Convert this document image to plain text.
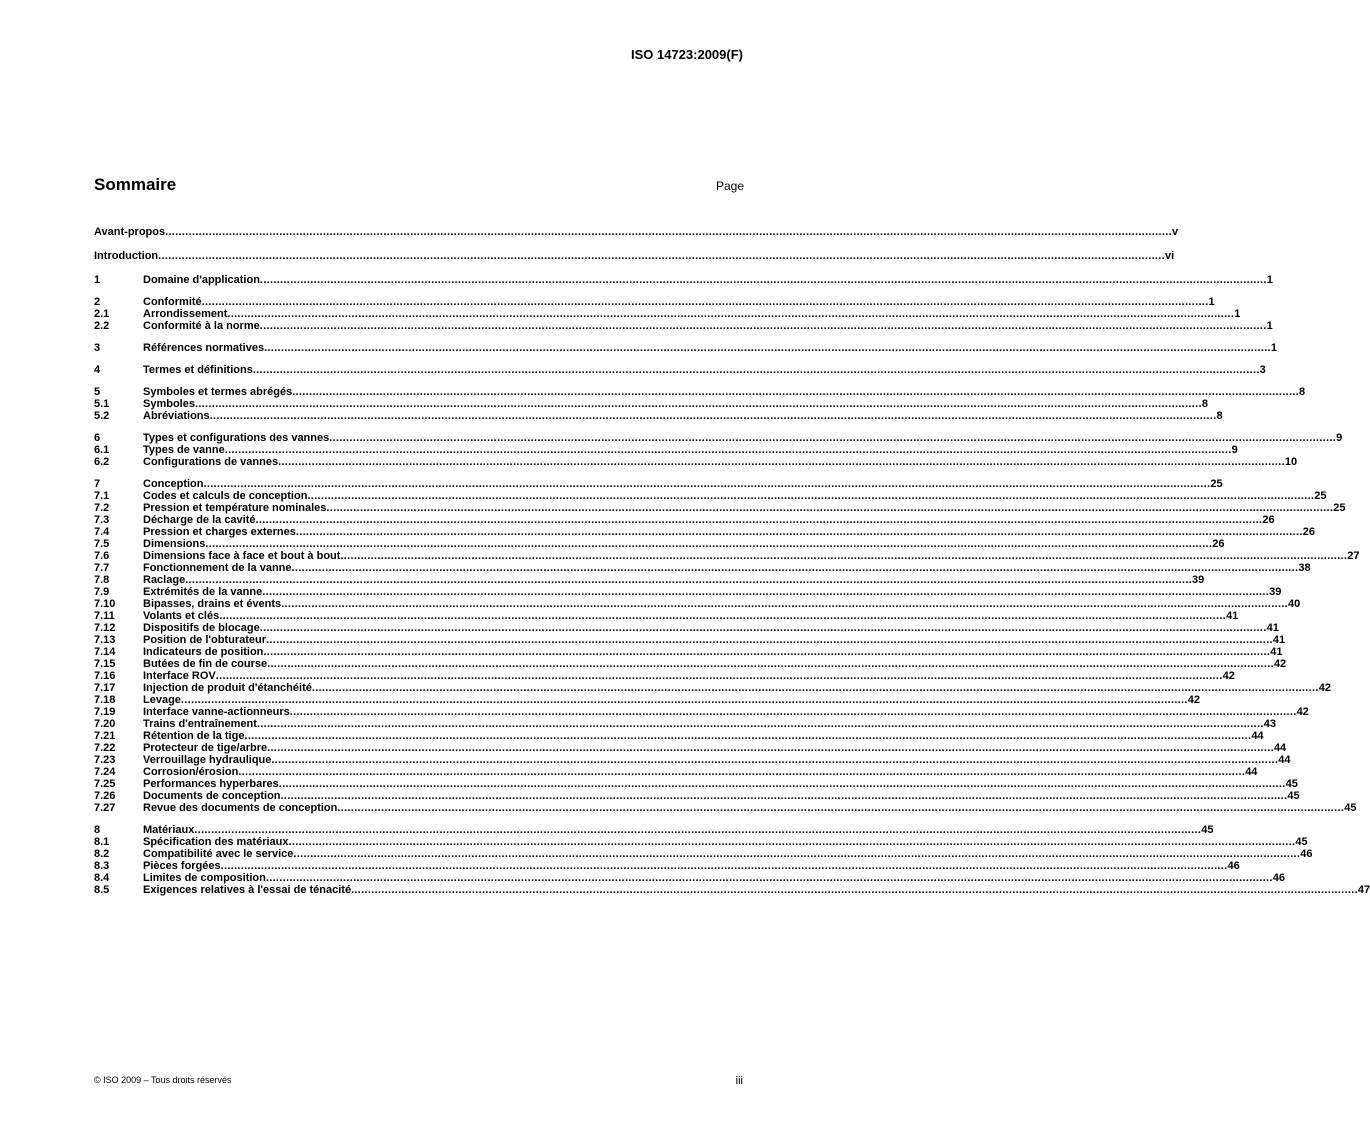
ISO 14723:2009(F)
Sommaire	Page
Avant-propos ............................................................................................................................................................................................................................................................................................................ v
Introduction ............................................................................................................................................................................................................................................................................................................ vi
1	Domaine d'application ............................................................................................................................................................................................................................................................................................................ 1
2	Conformité ............................................................................................................................................................................................................................................................................................................ 1
2.1	Arrondissement ............................................................................................................................................................................................................................................................................................................ 1
2.2	Conformité à la norme ............................................................................................................................................................................................................................................................................................................ 1
3	Références normatives ............................................................................................................................................................................................................................................................................................................ 1
4	Termes et définitions ............................................................................................................................................................................................................................................................................................................ 3
5	Symboles et termes abrégés ............................................................................................................................................................................................................................................................................................................ 8
5.1	Symboles ............................................................................................................................................................................................................................................................................................................ 8
5.2	Abréviations ............................................................................................................................................................................................................................................................................................................ 8
6	Types et configurations des vannes ............................................................................................................................................................................................................................................................................................................ 9
6.1	Types de vanne ............................................................................................................................................................................................................................................................................................................ 9
6.2	Configurations de vannes ............................................................................................................................................................................................................................................................................................................ 10
7	Conception ............................................................................................................................................................................................................................................................................................................ 25
7.1	Codes et calculs de conception ............................................................................................................................................................................................................................................................................................................ 25
7.2	Pression et température nominales ............................................................................................................................................................................................................................................................................................................ 25
7.3	Décharge de la cavité ............................................................................................................................................................................................................................................................................................................ 26
7.4	Pression et charges externes ............................................................................................................................................................................................................................................................................................................ 26
7.5	Dimensions ............................................................................................................................................................................................................................................................................................................ 26
7.6	Dimensions face à face et bout à bout ............................................................................................................................................................................................................................................................................................................ 27
7.7	Fonctionnement de la vanne ............................................................................................................................................................................................................................................................................................................ 38
7.8	Raclage ............................................................................................................................................................................................................................................................................................................ 39
7.9	Extrémités de la vanne ............................................................................................................................................................................................................................................................................................................ 39
7.10	Bipasses, drains et évents ............................................................................................................................................................................................................................................................................................................ 40
7.11	Volants et clés ............................................................................................................................................................................................................................................................................................................ 41
7.12	Dispositifs de blocage ............................................................................................................................................................................................................................................................................................................ 41
7.13	Position de l'obturateur ............................................................................................................................................................................................................................................................................................................ 41
7.14	Indicateurs de position ............................................................................................................................................................................................................................................................................................................ 41
7.15	Butées de fin de course ............................................................................................................................................................................................................................................................................................................ 42
7.16	Interface ROV ............................................................................................................................................................................................................................................................................................................ 42
7.17	Injection de produit d'étanchéité ............................................................................................................................................................................................................................................................................................................ 42
7.18	Levage ............................................................................................................................................................................................................................................................................................................ 42
7.19	Interface vanne-actionneurs ............................................................................................................................................................................................................................................................................................................ 42
7.20	Trains d'entraînement ............................................................................................................................................................................................................................................................................................................ 43
7.21	Rétention de la tige ............................................................................................................................................................................................................................................................................................................ 44
7.22	Protecteur de tige/arbre ............................................................................................................................................................................................................................................................................................................ 44
7.23	Verrouillage hydraulique ............................................................................................................................................................................................................................................................................................................ 44
7.24	Corrosion/érosion ............................................................................................................................................................................................................................................................................................................ 44
7.25	Performances hyperbares ............................................................................................................................................................................................................................................................................................................ 45
7.26	Documents de conception ............................................................................................................................................................................................................................................................................................................ 45
7.27	Revue des documents de conception ............................................................................................................................................................................................................................................................................................................ 45
8	Matériaux ............................................................................................................................................................................................................................................................................................................ 45
8.1	Spécification des matériaux ............................................................................................................................................................................................................................................................................................................ 45
8.2	Compatibilité avec le service ............................................................................................................................................................................................................................................................................................................ 46
8.3	Pièces forgées ............................................................................................................................................................................................................................................................................................................ 46
8.4	Limites de composition ............................................................................................................................................................................................................................................................................................................ 46
8.5	Exigences relatives à l'essai de ténacité ............................................................................................................................................................................................................................................................................................................ 47
© ISO 2009 – Tous droits réservés	iii
